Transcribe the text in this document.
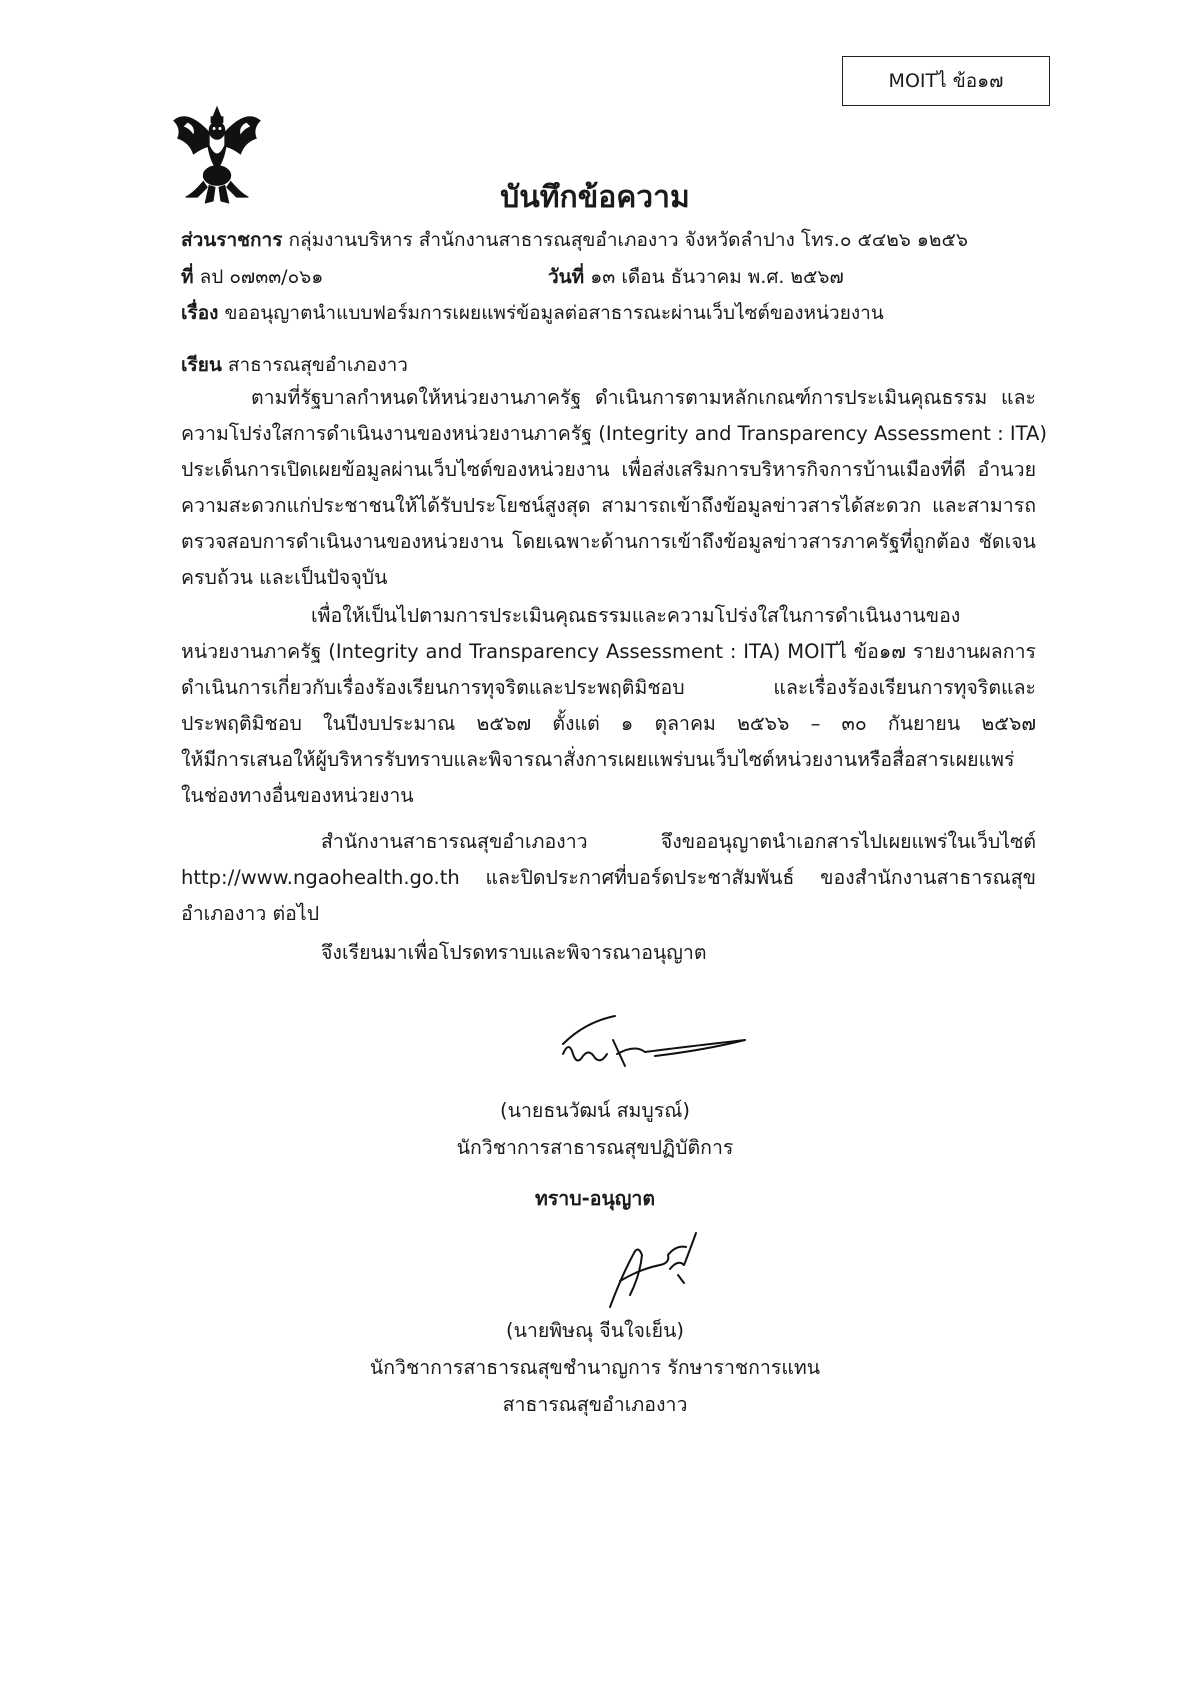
MOITไ ข้อ๑๗
บันทึกข้อความ
ส่วนราชการ กลุ่มงานบริหาร สำนักงานสาธารณสุขอำเภองาว จังหวัดลำปาง โทร.๐ ๕๔๒๖ ๑๒๕๖
ที่ ลป ๐๗๓๓/๐๖๑	วันที่ ๑๓ เดือน ธันวาคม พ.ศ. ๒๕๖๗
เรื่อง ขออนุญาตนำแบบฟอร์มการเผยแพร่ข้อมูลต่อสาธารณะผ่านเว็บไซต์ของหน่วยงาน
เรียน สาธารณสุขอำเภองาว
ตามที่รัฐบาลกำหนดให้หน่วยงานภาครัฐ ดำเนินการตามหลักเกณฑ์การประเมินคุณธรรม และ
ความโปร่งใสการดำเนินงานของหน่วยงานภาครัฐ (Integrity and Transparency Assessment : ITA)
ประเด็นการเปิดเผยข้อมูลผ่านเว็บไซต์ของหน่วยงาน เพื่อส่งเสริมการบริหารกิจการบ้านเมืองที่ดี อำนวย
ความสะดวกแก่ประชาชนให้ได้รับประโยชน์สูงสุด สามารถเข้าถึงข้อมูลข่าวสารได้สะดวก และสามารถ
ตรวจสอบการดำเนินงานของหน่วยงาน โดยเฉพาะด้านการเข้าถึงข้อมูลข่าวสารภาครัฐที่ถูกต้อง ชัดเจน
ครบถ้วน และเป็นปัจจุบัน
เพื่อให้เป็นไปตามการประเมินคุณธรรมและความโปร่งใสในการดำเนินงานของ
หน่วยงานภาครัฐ (Integrity and Transparency Assessment : ITA) MOITไ ข้อ๑๗ รายงานผลการ
ดำเนินการเกี่ยวกับเรื่องร้องเรียนการทุจริตและประพฤติมิชอบ และเรื่องร้องเรียนการทุจริตและ
ประพฤติมิชอบ ในปีงบประมาณ ๒๕๖๗ ตั้งแต่ ๑ ตุลาคม ๒๕๖๖ – ๓๐ กันยายน ๒๕๖๗
ให้มีการเสนอให้ผู้บริหารรับทราบและพิจารณาสั่งการเผยแพร่บนเว็บไซต์หน่วยงานหรือสื่อสารเผยแพร่
ในช่องทางอื่นของหน่วยงาน
สำนักงานสาธารณสุขอำเภองาว จึงขออนุญาตนำเอกสารไปเผยแพร่ในเว็บไซต์
http://www.ngaohealth.go.th และปิดประกาศที่บอร์ดประชาสัมพันธ์ ของสำนักงานสาธารณสุข
อำเภองาว ต่อไป
จึงเรียนมาเพื่อโปรดทราบและพิจารณาอนุญาต
(นายธนวัฒน์ สมบูรณ์)
นักวิชาการสาธารณสุขปฏิบัติการ
ทราบ-อนุญาต
(นายพิษณุ จีนใจเย็น)
นักวิชาการสาธารณสุขชำนาญการ รักษาราชการแทน
สาธารณสุขอำเภองาว
